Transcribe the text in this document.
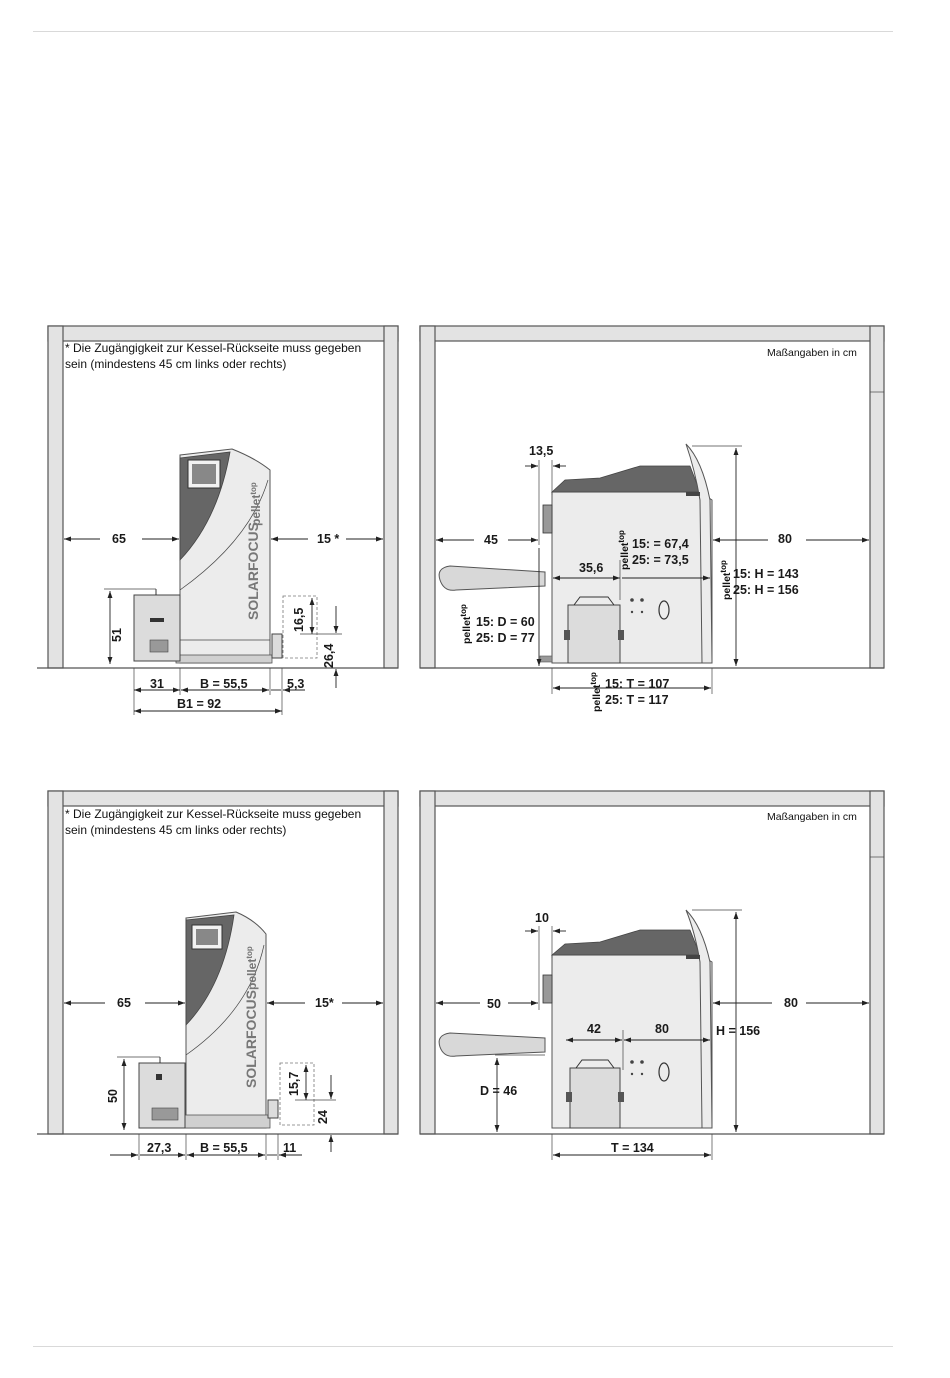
* Die Zugängigkeit zur Kessel-Rückseite muss gegeben
sein (mindestens 45 cm links oder rechts)
SOLARFOCUS
pellet$^{top}$
65	15 *
51
16,5
26,4
31	B = 55,5	5,3
B1 = 92
Maßangaben in cm
13,5
45	80
35,6 pellet$^{top}$
15: = 67,4
25: = 73,5
pellet$^{top}$
15: H = 143
25: H = 156
pellet$^{top}$
15: D = 60
25: D = 77
pellet$^{top}$ 15: T = 107
25: T = 117
* Die Zugängigkeit zur Kessel-Rückseite muss gegeben
sein (mindestens 45 cm links oder rechts)
SOLARFOCUS
pellet$^{top}$
65	15*
50
15,7
24
27,3 B = 55,5	11
Maßangaben in cm
10
50	80
42	80	H = 156
D = 46
T = 134
